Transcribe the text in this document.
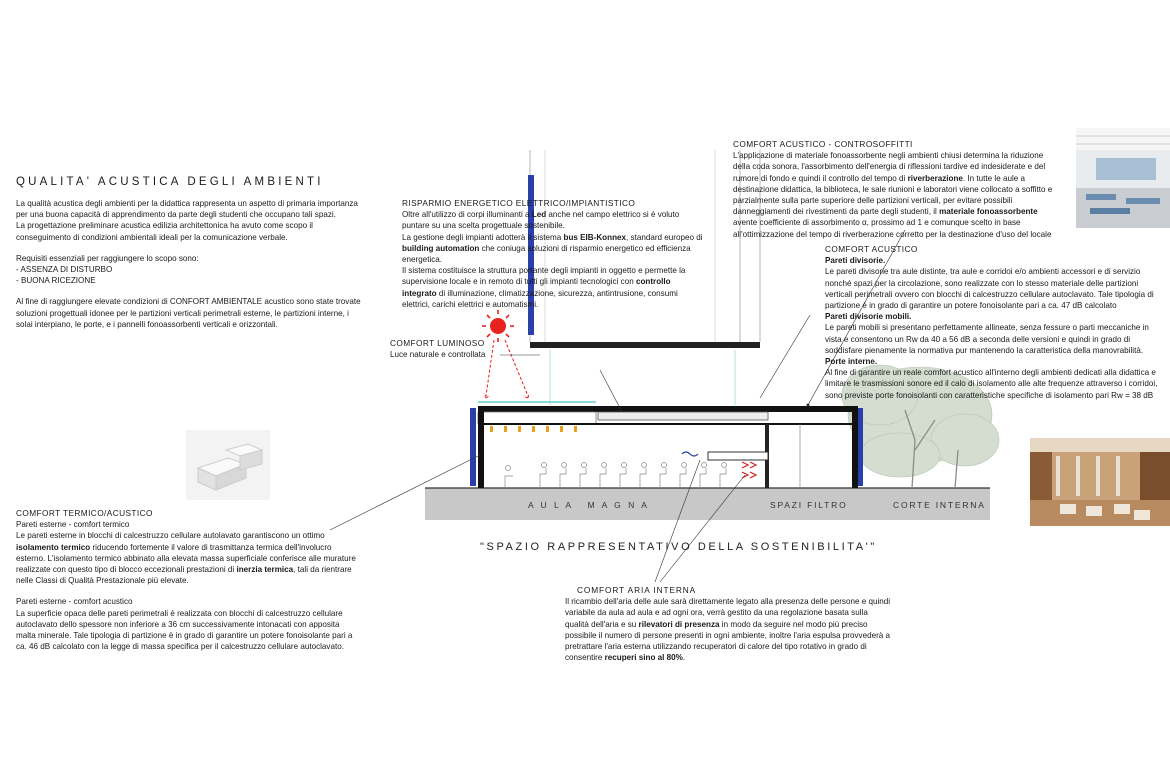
QUALITA' ACUSTICA DEGLI AMBIENTI

La qualità acustica degli ambienti per la didattica rappresenta un aspetto di primaria importanza per una buona capacità di apprendimento da parte degli studenti che occupano tali spazi.

La progettazione preliminare acustica edilizia architettonica ha avuto come scopo il conseguimento di condizioni ambientali ideali per la comunicazione verbale.

Requisiti essenziali per raggiungere lo scopo sono:

- ASSENZA DI DISTURBO

- BUONA RICEZIONE

Al fine di raggiungere elevate condizioni di CONFORT AMBIENTALE acustico sono state trovate soluzioni progettuali idonee per le partizioni verticali perimetrali esterne, le partizioni interne, i solai interpiano, le porte, e i pannelli fonoassorbenti verticali e orizzontali.

COMFORT TERMICO/ACUSTICO

Pareti esterne - comfort termico

Le pareti esterne in blocchi di calcestruzzo cellulare autolavato garantiscono un ottimo isolamento termico riducendo fortemente il valore di trasmittanza termica dell'involucro esterno. L'isolamento termico abbinato alla elevata massa superficiale conferisce alle murature realizzate con questo tipo di blocco eccezionali prestazioni di inerzia termica, tali da rientrare nelle Classi di Qualità Prestazionale più elevate.

Pareti esterne - comfort acustico

La superficie opaca delle pareti perimetrali è realizzata con blocchi di calcestruzzo cellulare autoclavato dello spessore non inferiore a 36 cm successivamente intonacati con apposita malta minerale. Tale tipologia di partizione è in grado di garantire un potere fonoisolante pari a ca. 46 dB calcolato con la legge di massa specifica per il calcestruzzo cellulare autoclavato.

RISPARMIO ENERGETICO ELETTRICO/IMPIANTISTICO

Oltre all'utilizzo di corpi illuminanti a Led anche nel campo elettrico si è voluto puntare su una scelta progettuale sostenibile.

La gestione degli impianti adotterà il sistema bus EIB-Konnex, standard europeo di building automation che coniuga soluzioni di risparmio energetico ed efficienza energetica.

Il sistema costituisce la struttura portante degli impianti in oggetto e permette la supervisione locale e in remoto di tutti gli impianti tecnologici con controllo integrato di illuminazione, climatizzazione, sicurezza, antintrusione, consumi elettrici, carichi elettrici e automatismi.

COMFORT LUMINOSO

Luce naturale e controllata

COMFORT ACUSTICO - CONTROSOFFITTI

L'applicazione di materiale fonoassorbente negli ambienti chiusi determina la riduzione della coda sonora, l'assorbimento dell'energia di riflessioni tardive ed indesiderate e del rumore di fondo e quindi il controllo del tempo di riverberazione. In tutte le aule a destinazione didattica, la biblioteca, le sale riunioni e laboratori viene collocato a soffitto e parzialmente sulla parte superiore delle partizioni verticali, per evitare possibili danneggiamenti dei rivestimenti da parte degli studenti, il materiale fonoassorbente avente coefficiente di assorbimento α, prossimo ad 1 e comunque scelto in base all'ottimizzazione del tempo di riverberazione corretto per la destinazione d'uso del locale

COMFORT ACUSTICO

Pareti divisorie.

Le pareti divisorie tra aule distinte, tra aule e corridoi e/o ambienti accessori e di servizio nonché spazi per la circolazione, sono realizzate con lo stesso materiale delle partizioni verticali perimetrali ovvero con blocchi di calcestruzzo cellulare autoclavato. Tale tipologia di partizione è in grado di garantire un potere fonoisolante pari a ca. 47 dB calcolato

Pareti divisorie mobili.

Le pareti mobili si presentano perfettamente allineate, senza fessure o parti meccaniche in vista e consentono un Rw da 40 a 56 dB a seconda delle versioni e quindi in grado di soddisfare pienamente la normativa pur mantenendo la caratteristica della manovrabilità.

Porte interne.

Al fine di garantire un reale comfort acustico all'interno degli ambienti dedicati alla didattica e limitare le trasmissioni sonore ed il calo di isolamento alle alte frequenze attraverso i corridoi, sono previste porte fonoisolanti con caratteristiche specifiche di isolamento pari Rw = 38 dB

COMFORT ARIA INTERNA

Il ricambio dell'aria delle aule sarà direttamente legato alla presenza delle persone e quindi variabile da aula ad aula e ad ogni ora, verrà gestito da una regolazione basata sulla qualità dell'aria e su rilevatori di presenza in modo da seguire nel modo più preciso possibile il numero di persone presenti in ogni ambiente, inoltre l'aria espulsa provvederà a pretrattare l'aria esterna utilizzando recuperatori di calore del tipo rotativo in grado di consentire recuperi sino al 80%.

A U L A   M A G N A	SPAZI FILTRO	CORTE INTERNA
"SPAZIO RAPPRESENTATIVO DELLA SOSTENIBILITA'"
